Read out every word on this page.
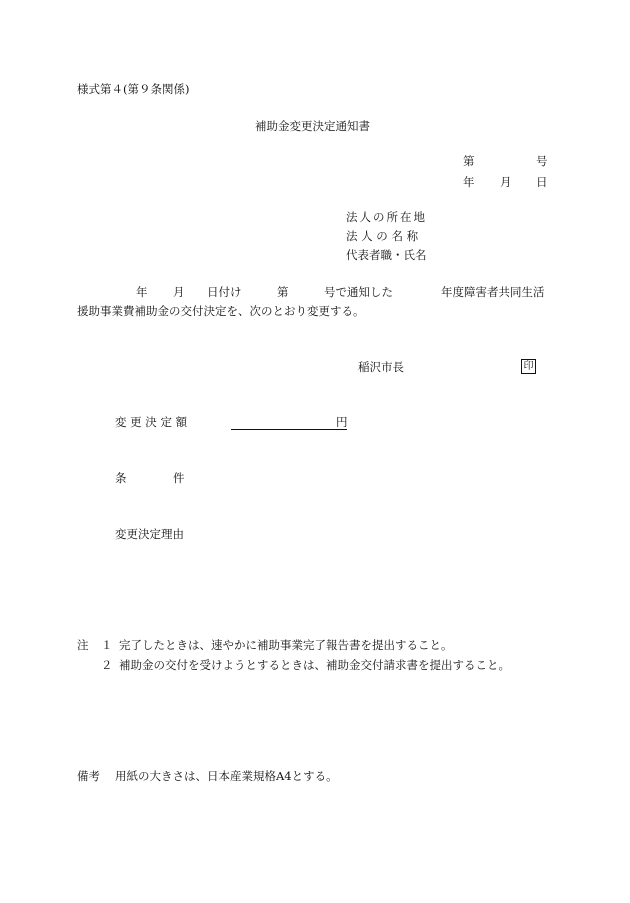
様式第４(第９条関係)
補助金変更決定通知書
第	号
年 月 日
法人の所在地
法 人 の 名 称
代表者職・氏名
年 月 日付け	第	号で通知した	年度障害者共同生活
援助事業費補助金の交付決定を、次のとおり変更する。
稲沢市長	印
変 更 決 定 額	円
条	件
変更決定理由
注 １ 完了したときは、速やかに補助事業完了報告書を提出すること。
２ 補助金の交付を受けようとするときは、補助金交付請求書を提出すること。
備考 用紙の大きさは、日本産業規格A4とする。
